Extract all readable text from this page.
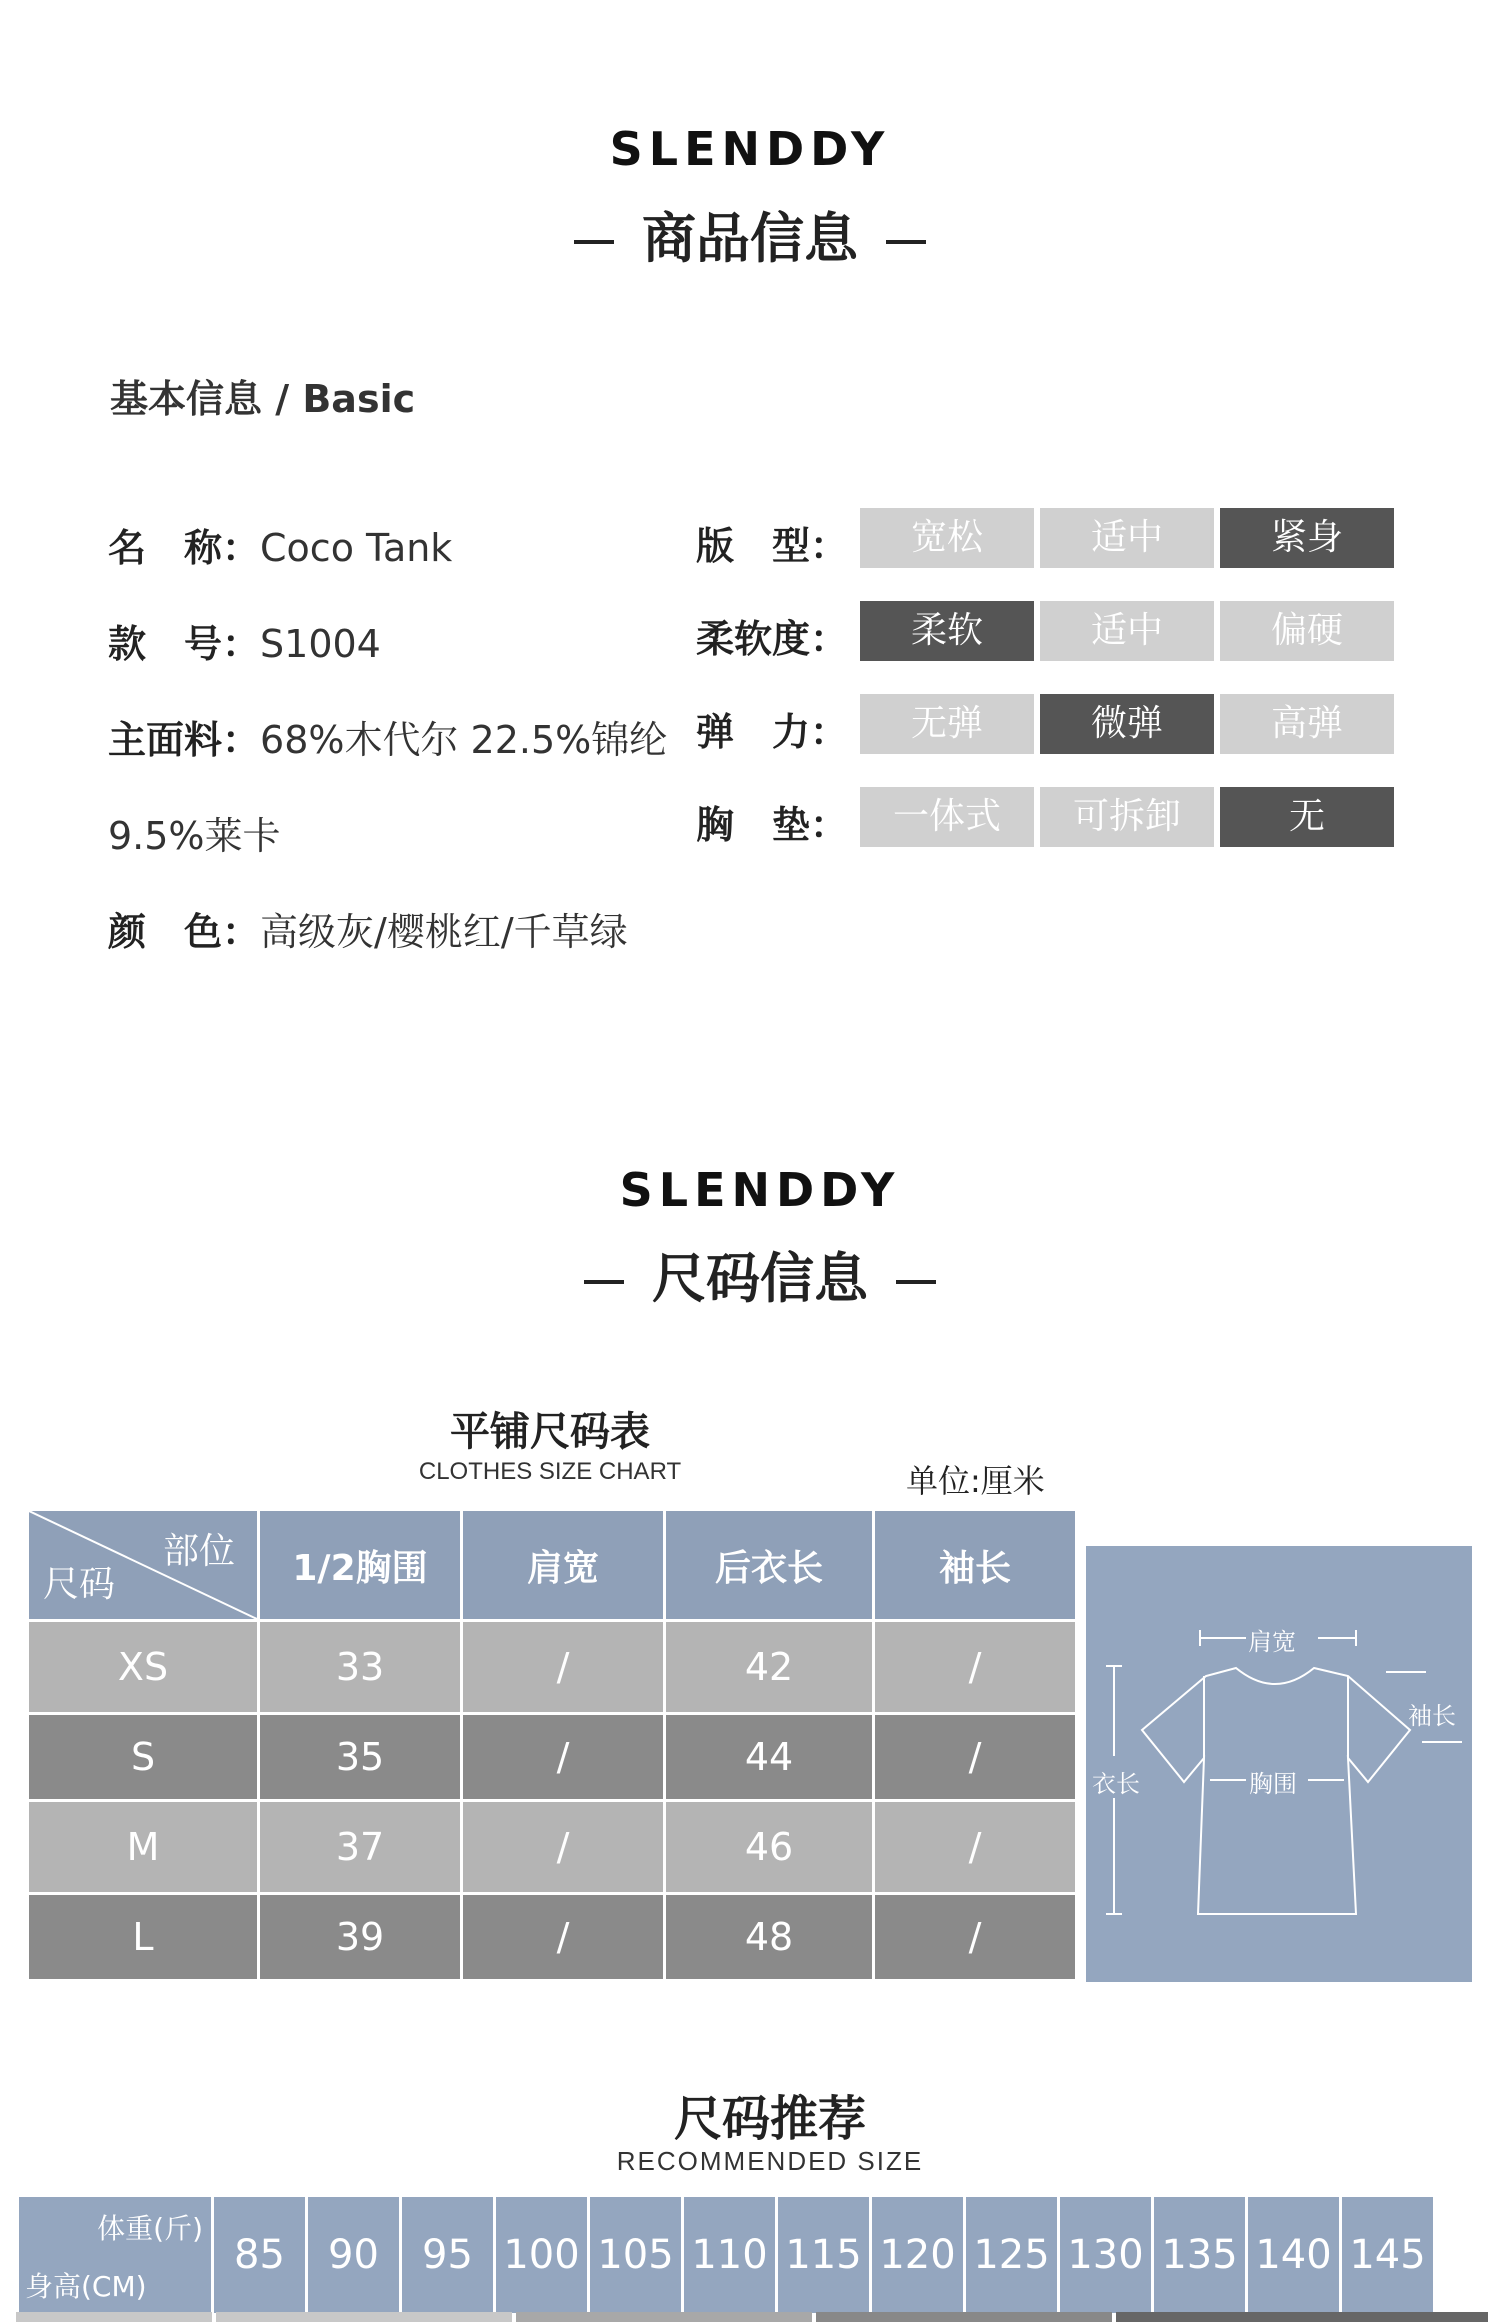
SLENDDY
商品信息
基本信息 / Basic
名　称：Coco Tank
款　号：S1004
主面料：68%木代尔 22.5%锦纶
9.5%莱卡
颜　色：高级灰/樱桃红/千草绿
版　型：	宽松	适中	紧身
柔软度：	柔软	适中	偏硬
弹　力：	无弹	微弹	高弹
胸　垫：	一体式	可拆卸	无
SLENDDY
尺码信息
平铺尺码表
CLOTHES SIZE CHART	单位:厘米
部位
尺码	1/2胸围	肩宽	后衣长	袖长
XS	33	/	42	/
S	35	/	44	/
M	37	/	46	/
L	39	/	48	/
肩宽
袖长
衣长	胸围
尺码推荐
RECOMMENDED SIZE
体重(斤)
身高(CM)
	85	90	95	100	105	110	115	120	125	130	135	140	145
